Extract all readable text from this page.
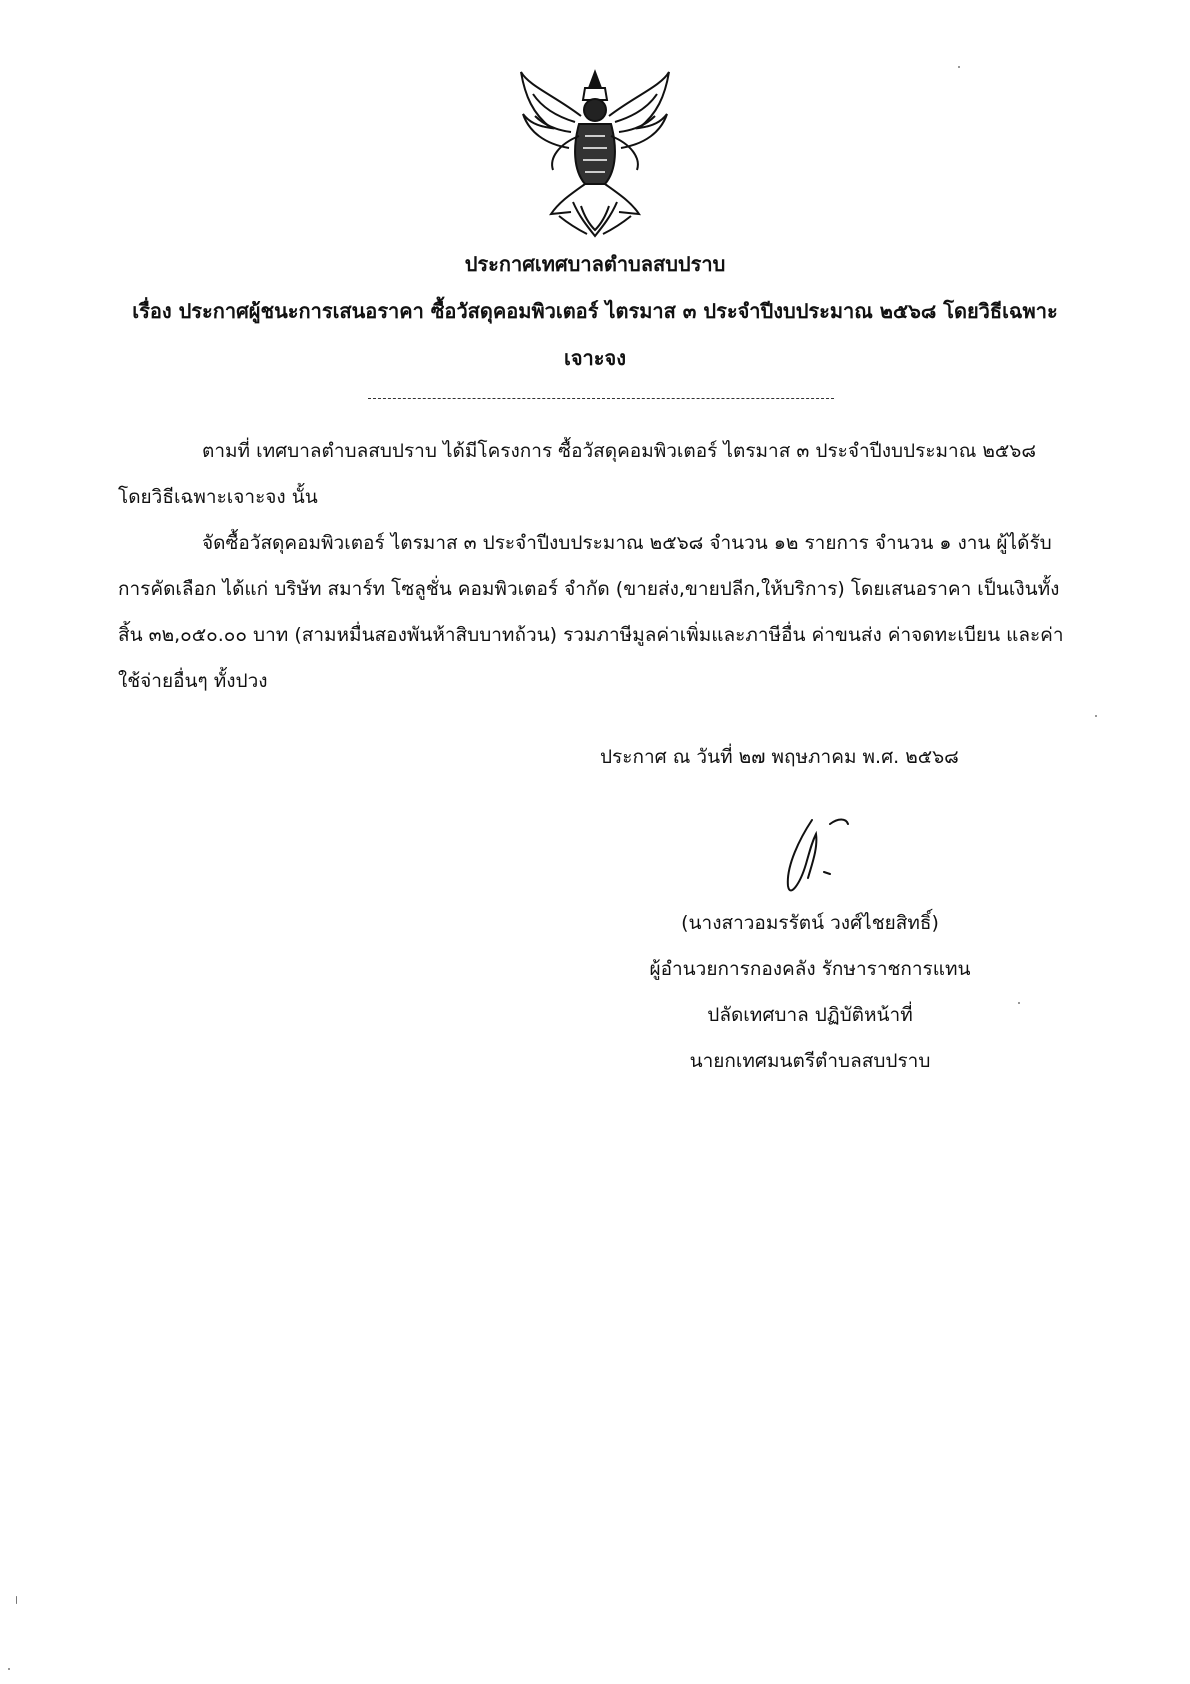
ประกาศเทศบาลตำบลสบปราบ
เรื่อง ประกาศผู้ชนะการเสนอราคา ซื้อวัสดุคอมพิวเตอร์ ไตรมาส ๓ ประจำปีงบประมาณ ๒๕๖๘ โดยวิธีเฉพาะ
เจาะจง
ตามที่ เทศบาลตำบลสบปราบ ได้มีโครงการ ซื้อวัสดุคอมพิวเตอร์ ไตรมาส ๓ ประจำปีงบประมาณ ๒๕๖๘ โดยวิธีเฉพาะเจาะจง นั้น
จัดซื้อวัสดุคอมพิวเตอร์ ไตรมาส ๓ ประจำปีงบประมาณ ๒๕๖๘ จำนวน ๑๒ รายการ จำนวน ๑ งาน ผู้ได้รับการคัดเลือก ได้แก่ บริษัท สมาร์ท โซลูชั่น คอมพิวเตอร์ จำกัด (ขายส่ง,ขายปลีก,ให้บริการ) โดยเสนอราคา เป็นเงินทั้งสิ้น ๓๒,๐๕๐.๐๐ บาท (สามหมื่นสองพันห้าสิบบาทถ้วน) รวมภาษีมูลค่าเพิ่มและภาษีอื่น ค่าขนส่ง ค่าจดทะเบียน และค่าใช้จ่ายอื่นๆ ทั้งปวง
ประกาศ ณ วันที่ ๒๗ พฤษภาคม พ.ศ. ๒๕๖๘
(นางสาวอมรรัตน์ วงศ์ไชยสิทธิ์)
ผู้อำนวยการกองคลัง รักษาราชการแทน
ปลัดเทศบาล ปฏิบัติหน้าที่
นายกเทศมนตรีตำบลสบปราบ
